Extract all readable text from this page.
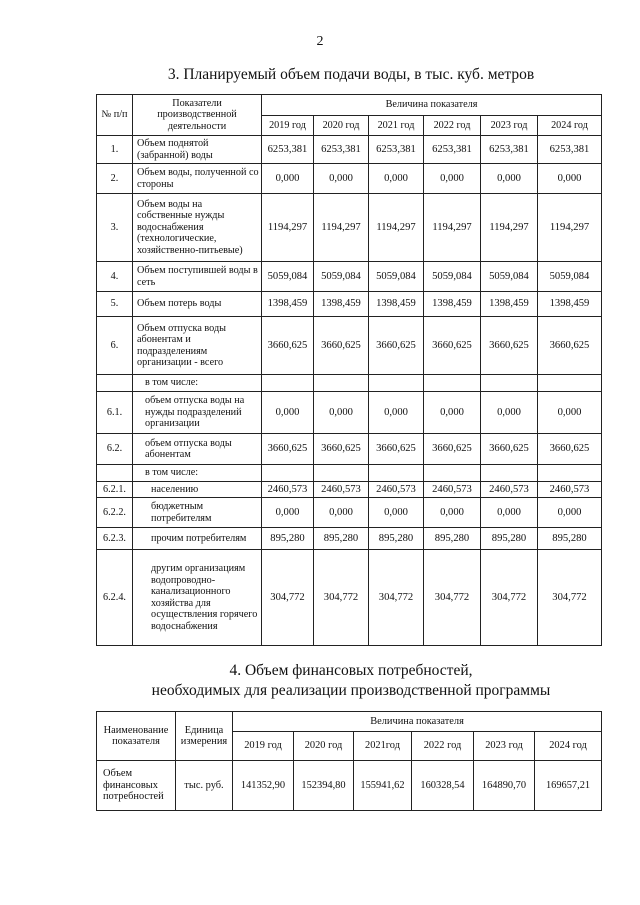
2
3. Планируемый объем подачи воды, в тыс. куб. метров
№ п/п	Показатели производственной деятельности	Величина показателя					
		2019 год	2020 год	2021 год	2022 год	2023 год	2024 год
1.	Объем поднятой (забранной) воды	6253,381	6253,381	6253,381	6253,381	6253,381	6253,381
2.	Объем воды, полученной со стороны	0,000	0,000	0,000	0,000	0,000	0,000
3.	Объем воды на собственные нужды водоснабжения (технологические, хозяйственно-питьевые)	1194,297	1194,297	1194,297	1194,297	1194,297	1194,297
4.	Объем поступившей воды в сеть	5059,084	5059,084	5059,084	5059,084	5059,084	5059,084
5.	Объем потерь воды	1398,459	1398,459	1398,459	1398,459	1398,459	1398,459
6.	Объем отпуска воды абонентам и подразделениям организации - всего	3660,625	3660,625	3660,625	3660,625	3660,625	3660,625
	в том числе:						
6.1.	объем отпуска воды на нужды подразделений организации	0,000	0,000	0,000	0,000	0,000	0,000
6.2.	объем отпуска воды абонентам	3660,625	3660,625	3660,625	3660,625	3660,625	3660,625
	в том числе:						
6.2.1.	населению	2460,573	2460,573	2460,573	2460,573	2460,573	2460,573
6.2.2.	бюджетным потребителям	0,000	0,000	0,000	0,000	0,000	0,000
6.2.3.	прочим потребителям	895,280	895,280	895,280	895,280	895,280	895,280
6.2.4.	другим организациям водопроводно-канализационного хозяйства для осуществления горячего водоснабжения	304,772	304,772	304,772	304,772	304,772	304,772
4. Объем финансовых потребностей,
необходимых для реализации производственной программы
Наименование показателя	Единица измерения	Величина показателя					
		2019 год	2020 год	2021год	2022 год	2023 год	2024 год
Объем финансовых потребностей	тыс. руб.	141352,90	152394,80	155941,62	160328,54	164890,70	169657,21
